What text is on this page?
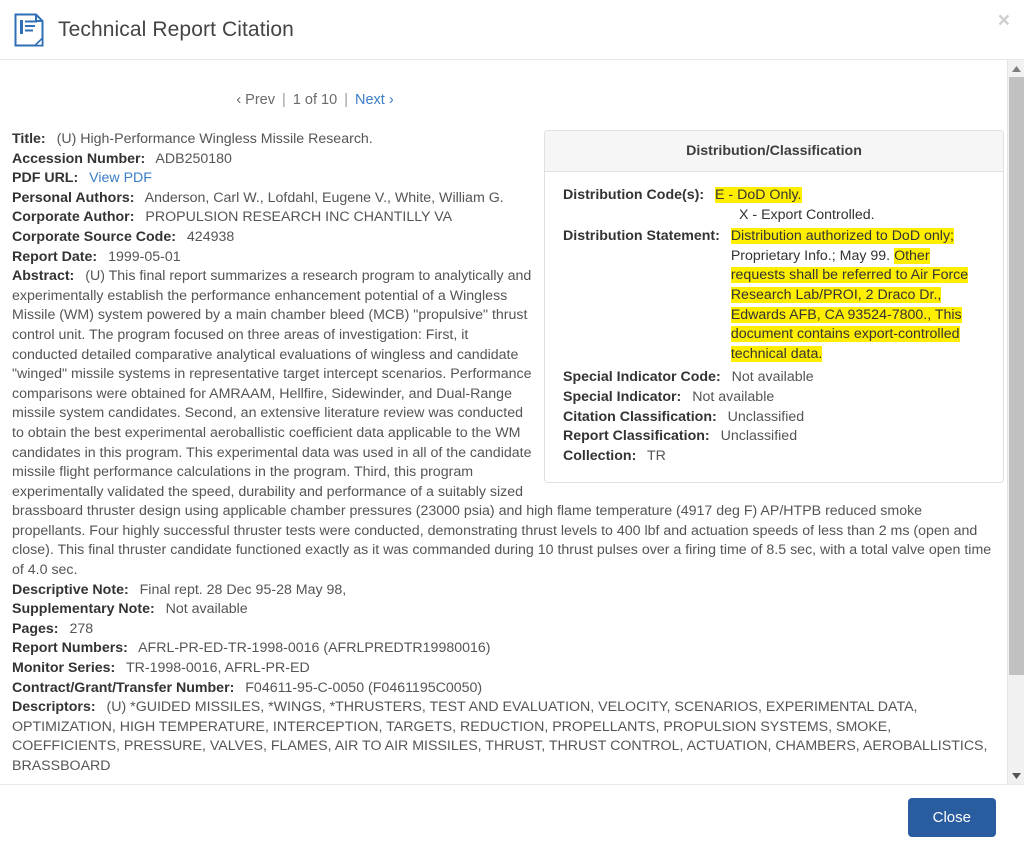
Technical Report Citation	×
‹ Prev | 1 of 10 | Next ›
Title: (U) High-Performance Wingless Missile Research.
Accession Number: ADB250180
PDF URL: View PDF
Personal Authors: Anderson, Carl W., Lofdahl, Eugene V., White, William G.
Corporate Author: PROPULSION RESEARCH INC CHANTILLY VA
Corporate Source Code: 424938
Report Date: 1999-05-01
Abstract: (U) This final report summarizes a research program to analytically and experimentally establish the performance enhancement potential of a Wingless Missile (WM) system powered by a main chamber bleed (MCB) "propulsive" thrust control unit. The program focused on three areas of investigation: First, it conducted detailed comparative analytical evaluations of wingless and candidate "winged" missile systems in representative target intercept scenarios. Performance comparisons were obtained for AMRAAM, Hellfire, Sidewinder, and Dual-Range missile system candidates. Second, an extensive literature review was conducted to obtain the best experimental aeroballistic coefficient data applicable to the WM candidates in this program. This experimental data was used in all of the candidate missile flight performance calculations in the program. Third, this program experimentally validated the speed, durability and performance of a suitably sized
Distribution/Classification
Distribution Code(s): E - DoD Only.
X - Export Controlled.
Distribution Statement: Distribution authorized to DoD only; Proprietary Info.; May 99. Other requests shall be referred to Air Force Research Lab/PROI, 2 Draco Dr., Edwards AFB, CA 93524-7800., This document contains export-controlled technical data.
Special Indicator Code: Not available
Special Indicator: Not available
Citation Classification: Unclassified
Report Classification: Unclassified
Collection: TR
brassboard thruster design using applicable chamber pressures (23000 psia) and high flame temperature (4917 deg F) AP/HTPB reduced smoke propellants. Four highly successful thruster tests were conducted, demonstrating thrust levels to 400 lbf and actuation speeds of less than 2 ms (open and close). This final thruster candidate functioned exactly as it was commanded during 10 thrust pulses over a firing time of 8.5 sec, with a total valve open time of 4.0 sec.
Descriptive Note: Final rept. 28 Dec 95-28 May 98,
Supplementary Note: Not available
Pages: 278
Report Numbers: AFRL-PR-ED-TR-1998-0016 (AFRLPREDTR19980016)
Monitor Series: TR-1998-0016, AFRL-PR-ED
Contract/Grant/Transfer Number: F04611-95-C-0050 (F0461195C0050)
Descriptors: (U) *GUIDED MISSILES, *WINGS, *THRUSTERS, TEST AND EVALUATION, VELOCITY, SCENARIOS, EXPERIMENTAL DATA, OPTIMIZATION, HIGH TEMPERATURE, INTERCEPTION, TARGETS, REDUCTION, PROPELLANTS, PROPULSION SYSTEMS, SMOKE, COEFFICIENTS, PRESSURE, VALVES, FLAMES, AIR TO AIR MISSILES, THRUST, THRUST CONTROL, ACTUATION, CHAMBERS, AEROBALLISTICS, BRASSBOARD
Close
